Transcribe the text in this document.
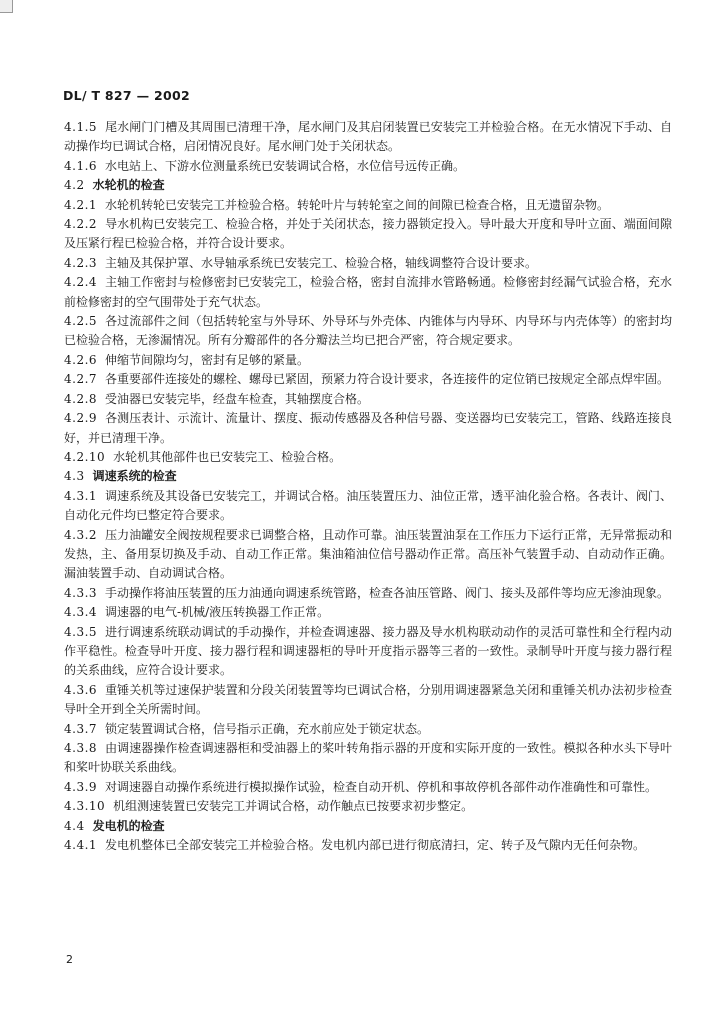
DL/ T 827 — 2002

4.1.5 尾水闸门门槽及其周围已清理干净，尾水闸门及其启闭装置已安装完工并检验合格。在无水情况下手动、自动操作均已调试合格，启闭情况良好。尾水闸门处于关闭状态。

4.1.6 水电站上、下游水位测量系统已安装调试合格，水位信号远传正确。

4.2 水轮机的检查

4.2.1 水轮机转轮已安装完工并检验合格。转轮叶片与转轮室之间的间隙已检查合格，且无遗留杂物。

4.2.2 导水机构已安装完工、检验合格，并处于关闭状态，接力器锁定投入。导叶最大开度和导叶立面、端面间隙及压紧行程已检验合格，并符合设计要求。

4.2.3 主轴及其保护罩、水导轴承系统已安装完工、检验合格，轴线调整符合设计要求。

4.2.4 主轴工作密封与检修密封已安装完工，检验合格，密封自流排水管路畅通。检修密封经漏气试验合格，充水前检修密封的空气围带处于充气状态。

4.2.5 各过流部件之间（包括转轮室与外导环、外导环与外壳体、内锥体与内导环、内导环与内壳体等）的密封均已检验合格，无渗漏情况。所有分瓣部件的各分瓣法兰均已把合严密，符合规定要求。

4.2.6 伸缩节间隙均匀，密封有足够的紧量。

4.2.7 各重要部件连接处的螺栓、螺母已紧固，预紧力符合设计要求，各连接件的定位销已按规定全部点焊牢固。

4.2.8 受油器已安装完毕，经盘车检查，其轴摆度合格。

4.2.9 各测压表计、示流计、流量计、摆度、振动传感器及各种信号器、变送器均已安装完工，管路、线路连接良好，并已清理干净。

4.2.10 水轮机其他部件也已安装完工、检验合格。

4.3 调速系统的检查

4.3.1 调速系统及其设备已安装完工，并调试合格。油压装置压力、油位正常，透平油化验合格。各表计、阀门、自动化元件均已整定符合要求。

4.3.2 压力油罐安全阀按规程要求已调整合格，且动作可靠。油压装置油泵在工作压力下运行正常，无异常振动和发热，主、备用泵切换及手动、自动工作正常。集油箱油位信号器动作正常。高压补气装置手动、自动动作正确。漏油装置手动、自动调试合格。

4.3.3 手动操作将油压装置的压力油通向调速系统管路，检查各油压管路、阀门、接头及部件等均应无渗油现象。

4.3.4 调速器的电气-机械/液压转换器工作正常。

4.3.5 进行调速系统联动调试的手动操作，并检查调速器、接力器及导水机构联动动作的灵活可靠性和全行程内动作平稳性。检查导叶开度、接力器行程和调速器柜的导叶开度指示器等三者的一致性。录制导叶开度与接力器行程的关系曲线，应符合设计要求。

4.3.6 重锤关机等过速保护装置和分段关闭装置等均已调试合格，分别用调速器紧急关闭和重锤关机办法初步检查导叶全开到全关所需时间。

4.3.7 锁定装置调试合格，信号指示正确，充水前应处于锁定状态。

4.3.8 由调速器操作检查调速器柜和受油器上的桨叶转角指示器的开度和实际开度的一致性。模拟各种水头下导叶和桨叶协联关系曲线。

4.3.9 对调速器自动操作系统进行模拟操作试验，检查自动开机、停机和事故停机各部件动作准确性和可靠性。

4.3.10 机组测速装置已安装完工并调试合格，动作触点已按要求初步整定。

4.4 发电机的检查

4.4.1 发电机整体已全部安装完工并检验合格。发电机内部已进行彻底清扫，定、转子及气隙内无任何杂物。

2
